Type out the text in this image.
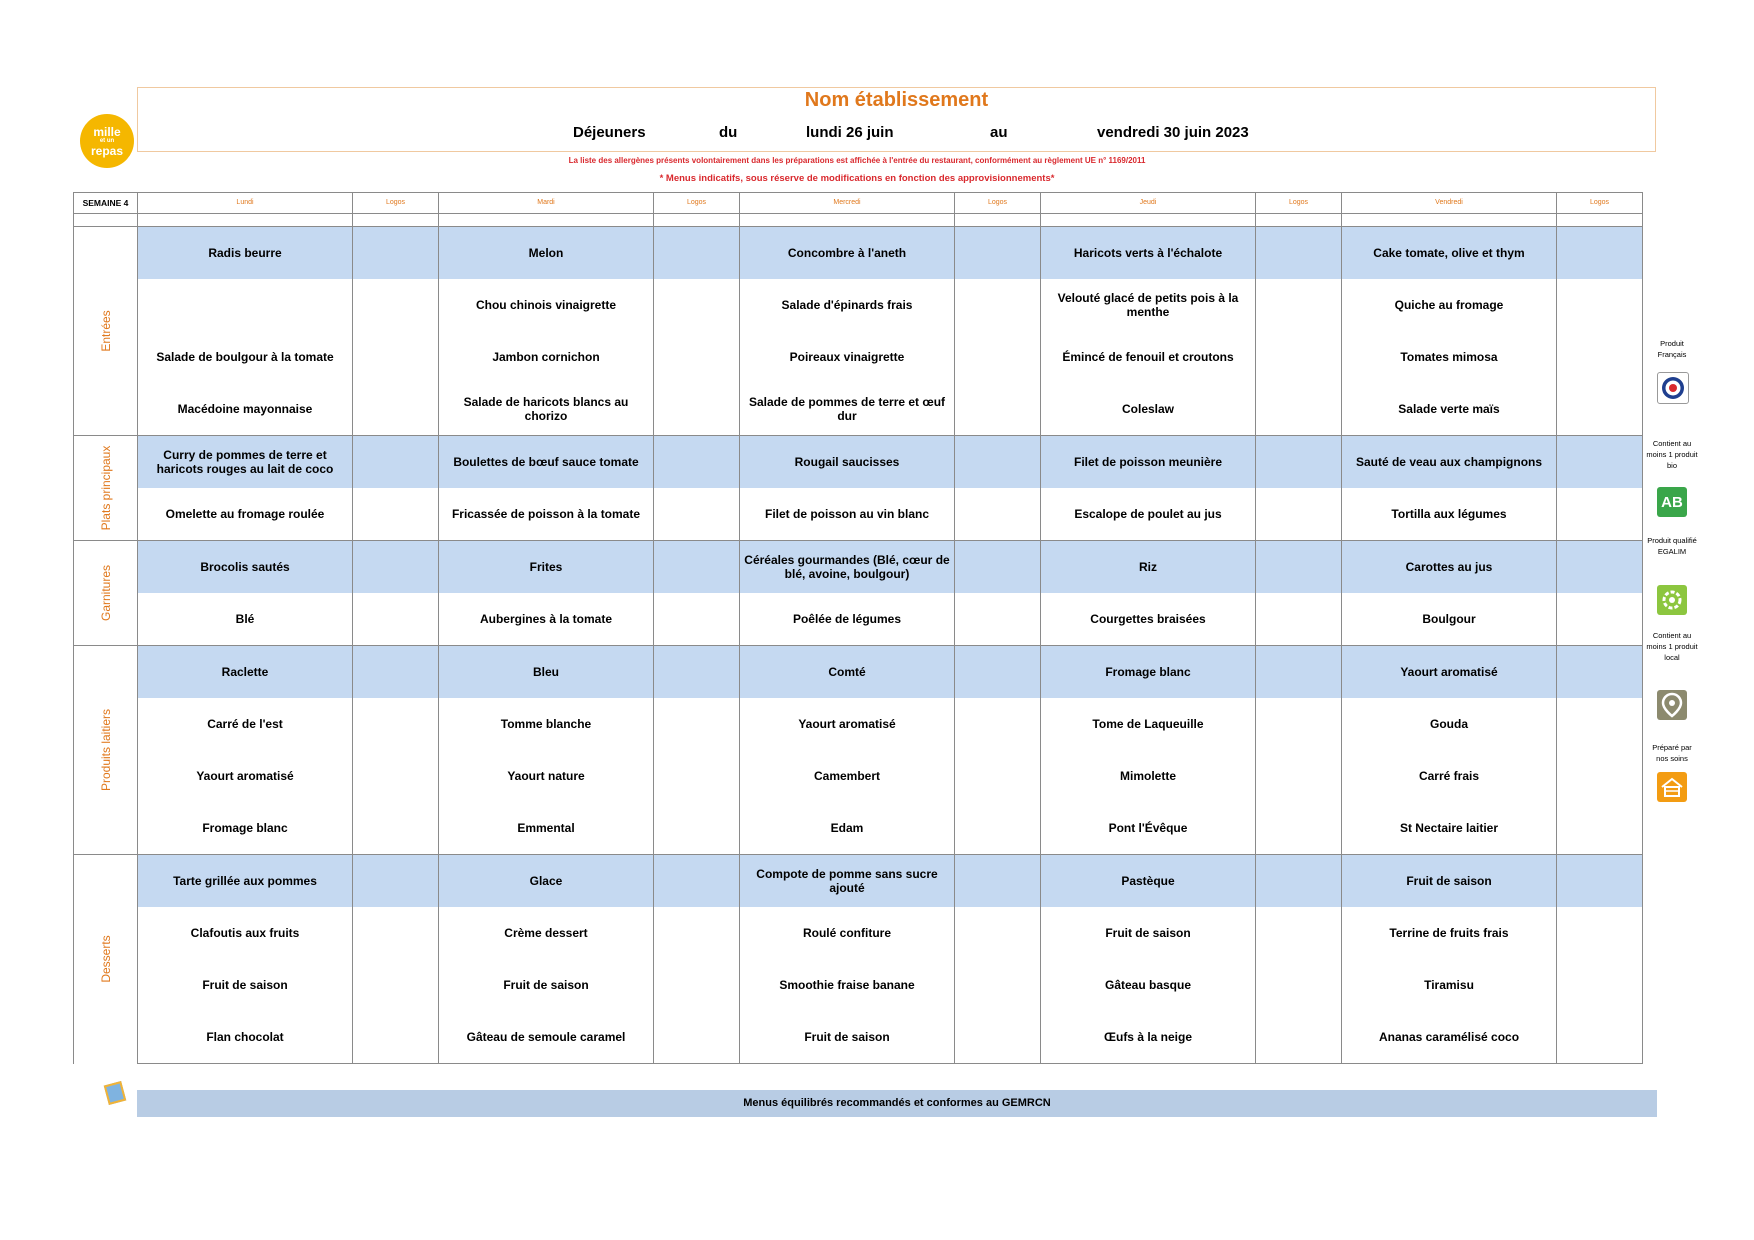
mille
et un
repas
Nom établissement
Déjeuners	du	lundi 26 juin	au	vendredi 30 juin 2023
La liste des allergènes présents volontairement dans les préparations est affichée à l'entrée du restaurant, conformément au règlement UE n° 1169/2011
* Menus indicatifs, sous réserve de modifications en fonction des approvisionnements*
SEMAINE 4	Lundi	Logos	Mardi	Logos	Mercredi	Logos	Jeudi	Logos	Vendredi	Logos

Entrées	Radis beurre		Melon		Concombre à l'aneth		Haricots verts à l'échalote		Cake tomate, olive et thym	
			Chou chinois vinaigrette		Salade d'épinards frais		Velouté glacé de petits pois à la menthe		Quiche au fromage	
	Salade de boulgour à la tomate		Jambon cornichon		Poireaux vinaigrette		Émincé de fenouil et croutons		Tomates mimosa	
	Macédoine mayonnaise		Salade de haricots blancs au chorizo		Salade de pommes de terre et œuf dur		Coleslaw		Salade verte maïs	

Plats principaux	Curry de pommes de terre et haricots rouges au lait de coco		Boulettes de bœuf sauce tomate		Rougail saucisses		Filet de poisson meunière		Sauté de veau aux champignons	
	Omelette au fromage roulée		Fricassée de poisson à la tomate		Filet de poisson au vin blanc		Escalope de poulet au jus		Tortilla aux légumes	

Garnitures	Brocolis sautés		Frites		Céréales gourmandes (Blé, cœur de blé, avoine, boulgour)		Riz		Carottes au jus	
	Blé		Aubergines à la tomate		Poêlée de légumes		Courgettes braisées		Boulgour	

Produits laitiers	Raclette		Bleu		Comté		Fromage blanc		Yaourt aromatisé	
	Carré de l'est		Tomme blanche		Yaourt aromatisé		Tome de Laqueuille		Gouda	
	Yaourt aromatisé		Yaourt nature		Camembert		Mimolette		Carré frais	
	Fromage blanc		Emmental		Edam		Pont l'Évêque		St Nectaire laitier	

Desserts	Tarte grillée aux pommes		Glace		Compote de pomme sans sucre ajouté		Pastèque		Fruit de saison	
	Clafoutis aux fruits		Crème dessert		Roulé confiture		Fruit de saison		Terrine de fruits frais	
	Fruit de saison		Fruit de saison		Smoothie fraise banane		Gâteau basque		Tiramisu	
	Flan chocolat		Gâteau de semoule caramel		Fruit de saison		Œufs à la neige		Ananas caramélisé coco	
Produit Français
Contient au moins 1 produit bio
AB
Produit qualifié EGALIM
Contient au moins 1 produit local
Préparé par nos soins
Menus équilibrés recommandés et conformes au GEMRCN
